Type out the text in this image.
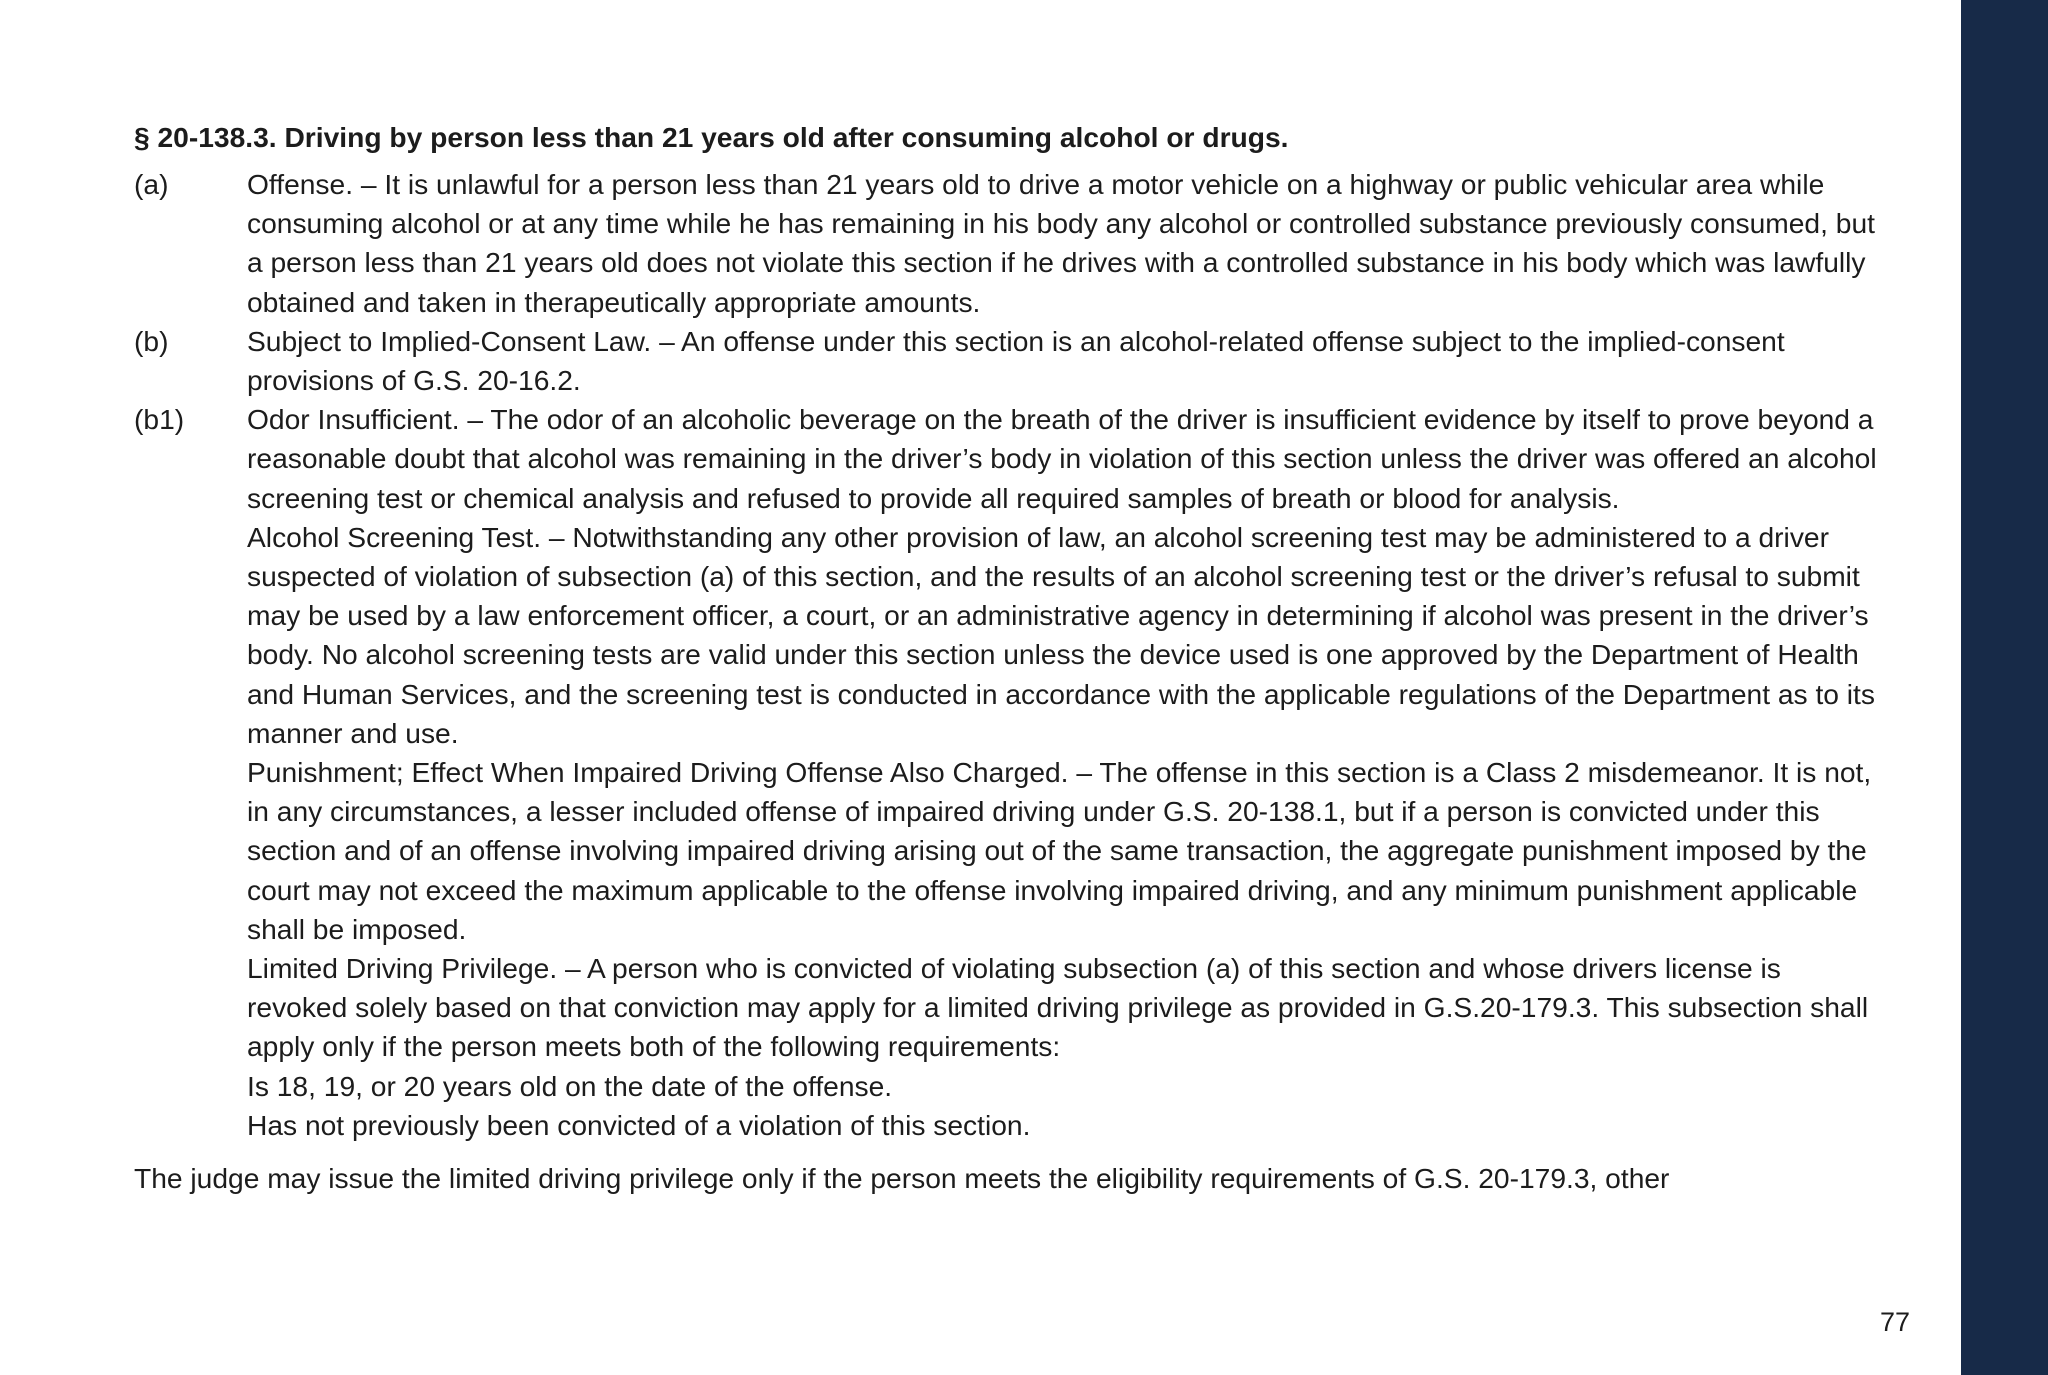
§ 20-138.3. Driving by person less than 21 years old after consuming alcohol or drugs.
(a)	Offense. – It is unlawful for a person less than 21 years old to drive a motor vehicle on a highway or public vehicular area while consuming alcohol or at any time while he has remaining in his body any alcohol or controlled substance previously consumed, but a person less than 21 years old does not violate this section if he drives with a controlled substance in his body which was lawfully obtained and taken in therapeutically appropriate amounts.
(b)	Subject to Implied-Consent Law. – An offense under this section is an alcohol-related offense subject to the implied-consent provisions of G.S. 20-16.2.
(b1)	Odor Insufficient. – The odor of an alcoholic beverage on the breath of the driver is insufficient evidence by itself to prove beyond a reasonable doubt that alcohol was remaining in the driver’s body in violation of this section unless the driver was offered an alcohol screening test or chemical analysis and refused to provide all required samples of breath or blood for analysis.
Alcohol Screening Test. – Notwithstanding any other provision of law, an alcohol screening test may be administered to a driver suspected of violation of subsection (a) of this section, and the results of an alcohol screening test or the driver’s refusal to submit may be used by a law enforcement officer, a court, or an administrative agency in determining if alcohol was present in the driver’s body. No alcohol screening tests are valid under this section unless the device used is one approved by the Department of Health and Human Services, and the screening test is conducted in accordance with the applicable regulations of the Department as to its manner and use.
Punishment; Effect When Impaired Driving Offense Also Charged. – The offense in this section is a Class 2 misdemeanor. It is not, in any circumstances, a lesser included offense of impaired driving under G.S. 20-138.1, but if a person is convicted under this section and of an offense involving impaired driving arising out of the same transaction, the aggregate punishment imposed by the court may not exceed the maximum applicable to the offense involving impaired driving, and any minimum punishment applicable shall be imposed.
Limited Driving Privilege. – A person who is convicted of violating subsection (a) of this section and whose drivers license is revoked solely based on that conviction may apply for a limited driving privilege as provided in G.S.20-179.3. This subsection shall apply only if the person meets both of the following requirements:
Is 18, 19, or 20 years old on the date of the offense.
Has not previously been convicted of a violation of this section.
The judge may issue the limited driving privilege only if the person meets the eligibility requirements of G.S. 20-179.3, other
77
